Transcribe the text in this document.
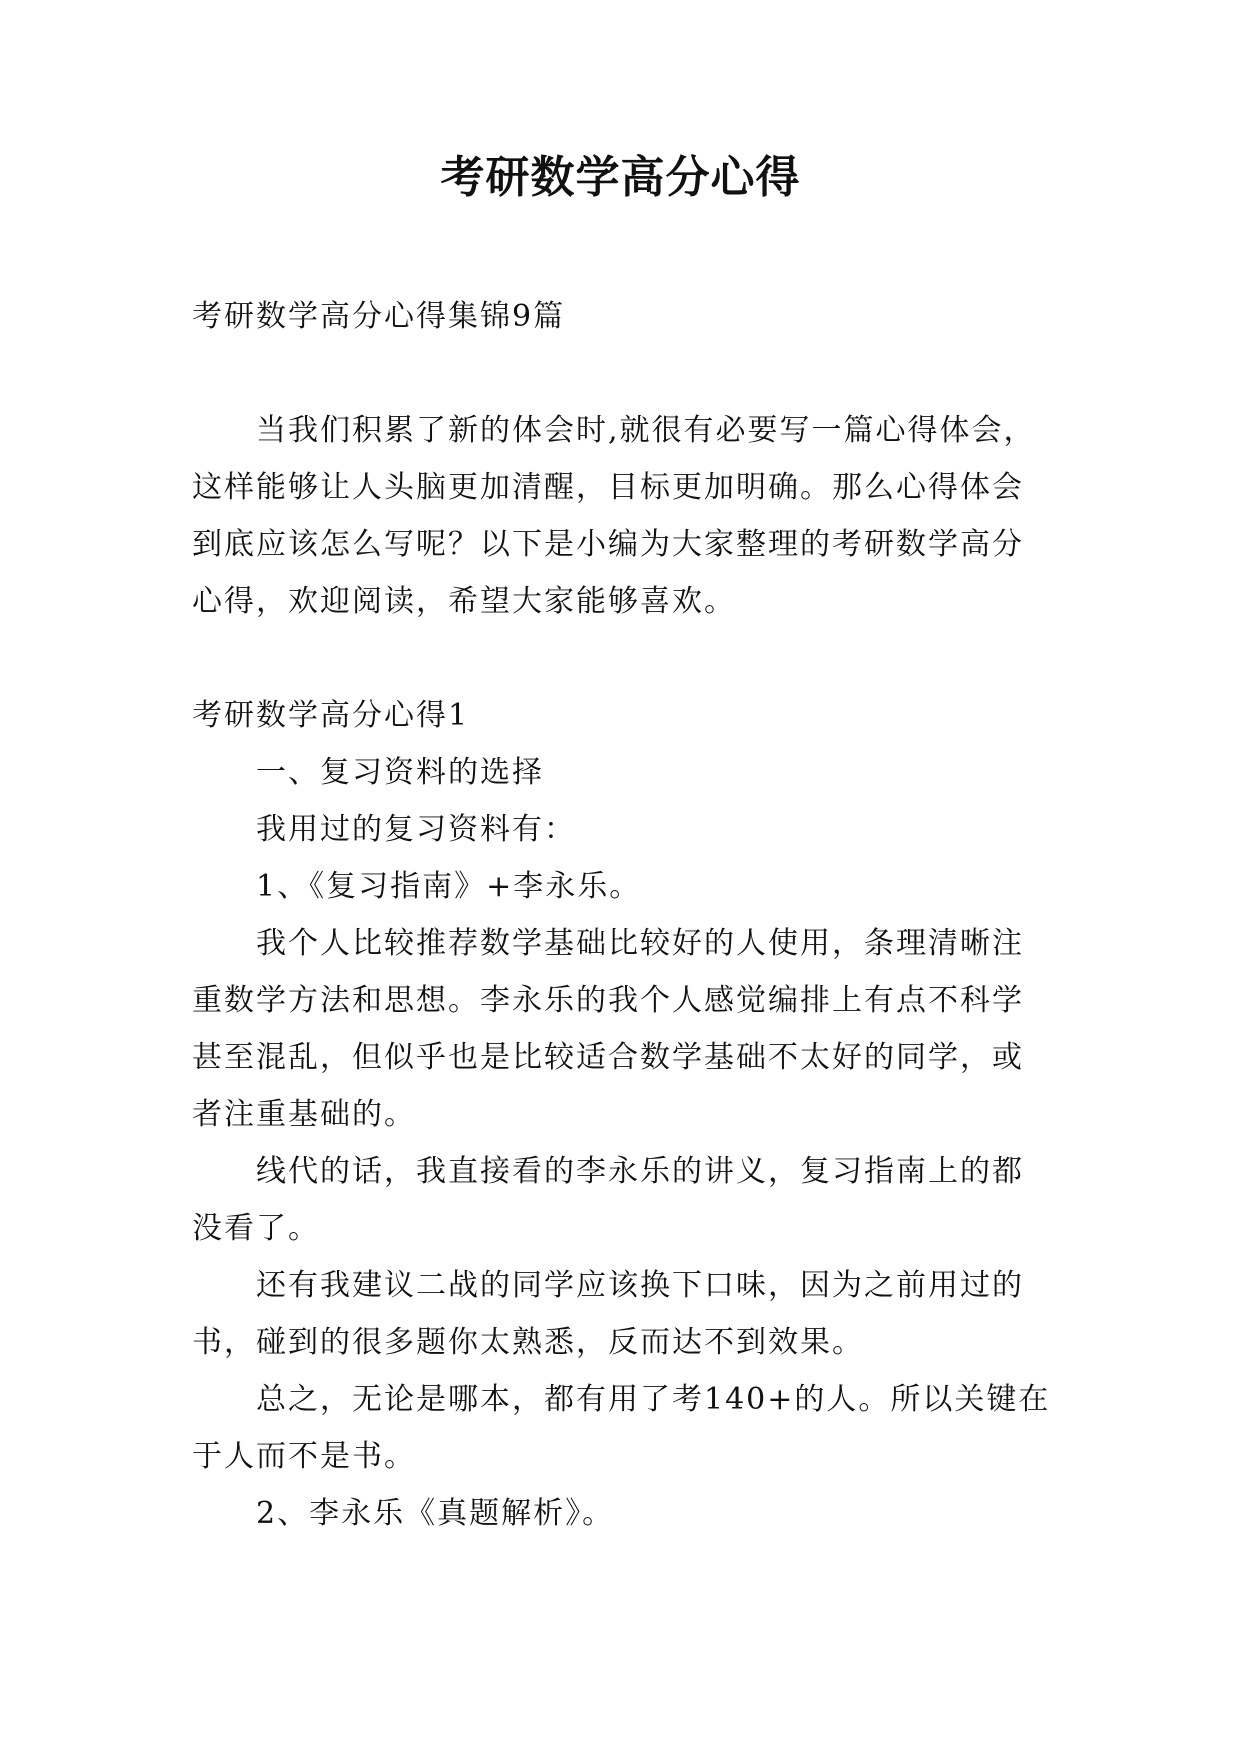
考研数学高分心得

考研数学高分心得集锦9篇

当我们积累了新的体会时,就很有必要写一篇心得体会，这样能够让人头脑更加清醒，目标更加明确。那么心得体会到底应该怎么写呢？以下是小编为大家整理的考研数学高分心得，欢迎阅读，希望大家能够喜欢。

考研数学高分心得1

一、复习资料的选择

我用过的复习资料有：

1、《复习指南》+李永乐。

我个人比较推荐数学基础比较好的人使用，条理清晰注重数学方法和思想。李永乐的我个人感觉编排上有点不科学甚至混乱，但似乎也是比较适合数学基础不太好的同学，或者注重基础的。

线代的话，我直接看的李永乐的讲义，复习指南上的都没看了。

还有我建议二战的同学应该换下口味，因为之前用过的书，碰到的很多题你太熟悉，反而达不到效果。

总之，无论是哪本，都有用了考140+的人。所以关键在于人而不是书。

2、李永乐《真题解析》。
